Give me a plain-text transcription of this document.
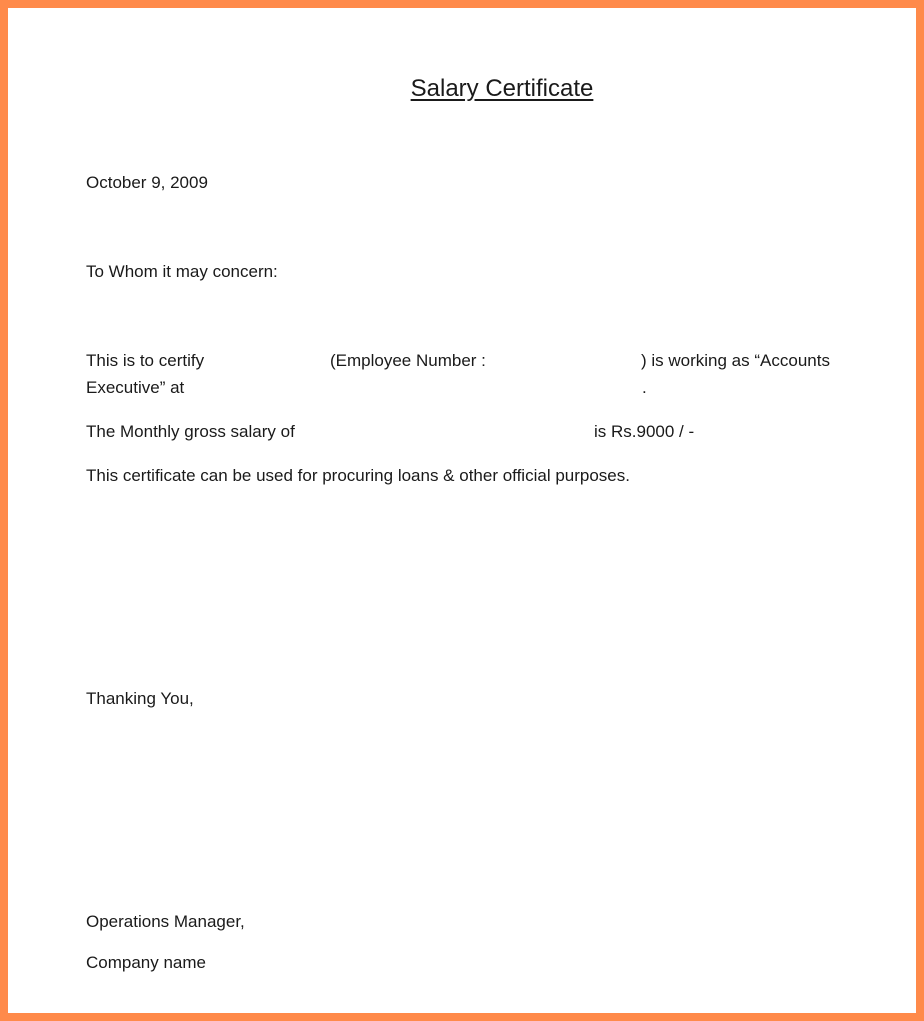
Salary Certificate
October 9, 2009
To Whom it may concern:
This is to certify	(Employee Number :	) is working as “Accounts
Executive” at	.
The Monthly gross salary of	is Rs.9000 / -
This certificate can be used for procuring loans & other official purposes.
Thanking You,
Operations Manager,
Company name
